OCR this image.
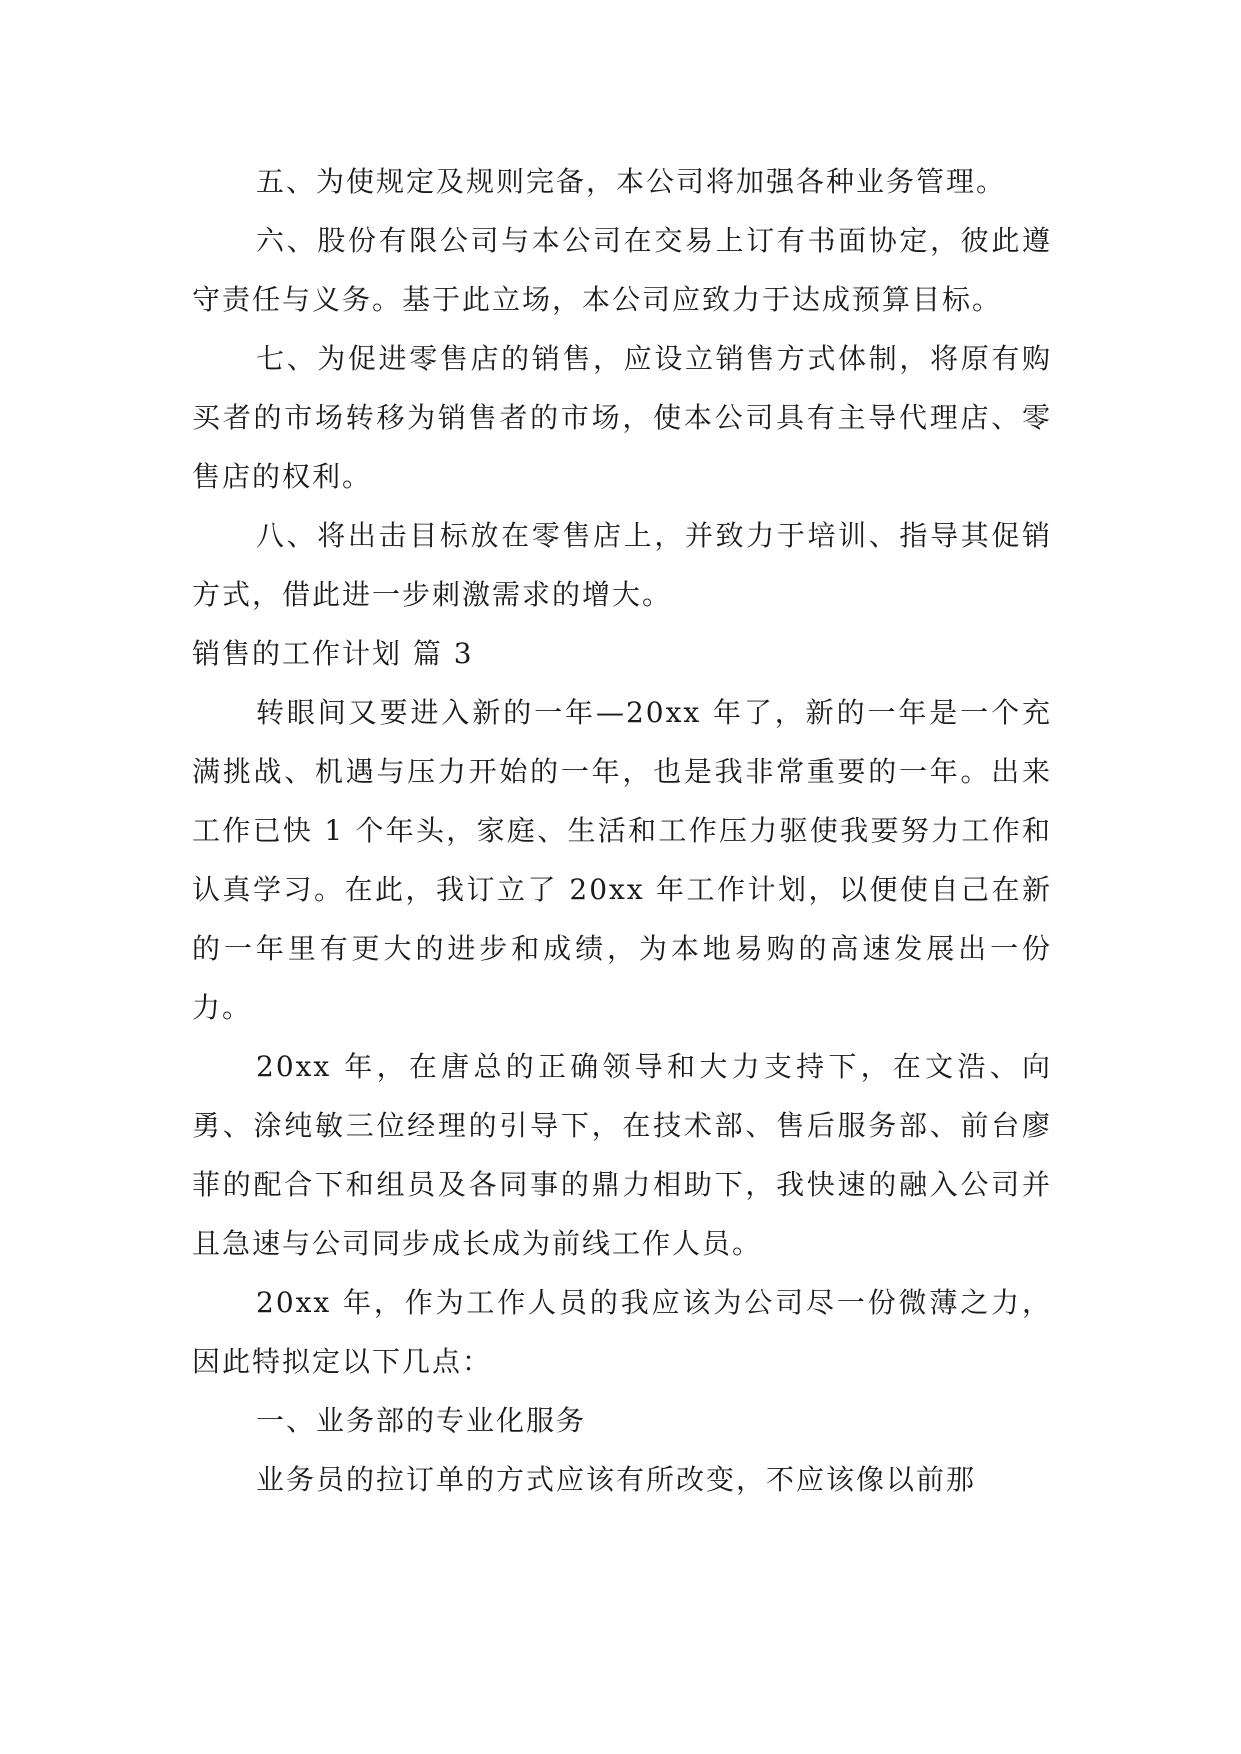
五、为使规定及规则完备，本公司将加强各种业务管理。

六、股份有限公司与本公司在交易上订有书面协定，彼此遵守责任与义务。基于此立场，本公司应致力于达成预算目标。

七、为促进零售店的销售，应设立销售方式体制，将原有购买者的市场转移为销售者的市场，使本公司具有主导代理店、零售店的权利。

八、将出击目标放在零售店上，并致力于培训、指导其促销方式，借此进一步刺激需求的增大。

销售的工作计划 篇 3

转眼间又要进入新的一年—20xx 年了，新的一年是一个充满挑战、机遇与压力开始的一年，也是我非常重要的一年。出来工作已快 1 个年头，家庭、生活和工作压力驱使我要努力工作和认真学习。在此，我订立了 20xx 年工作计划，以便使自己在新的一年里有更大的进步和成绩，为本地易购的高速发展出一份力。

20xx 年，在唐总的正确领导和大力支持下，在文浩、向勇、涂纯敏三位经理的引导下，在技术部、售后服务部、前台廖菲的配合下和组员及各同事的鼎力相助下，我快速的融入公司并且急速与公司同步成长成为前线工作人员。

20xx 年，作为工作人员的我应该为公司尽一份微薄之力，因此特拟定以下几点：

一、业务部的专业化服务

业务员的拉订单的方式应该有所改变，不应该像以前那
